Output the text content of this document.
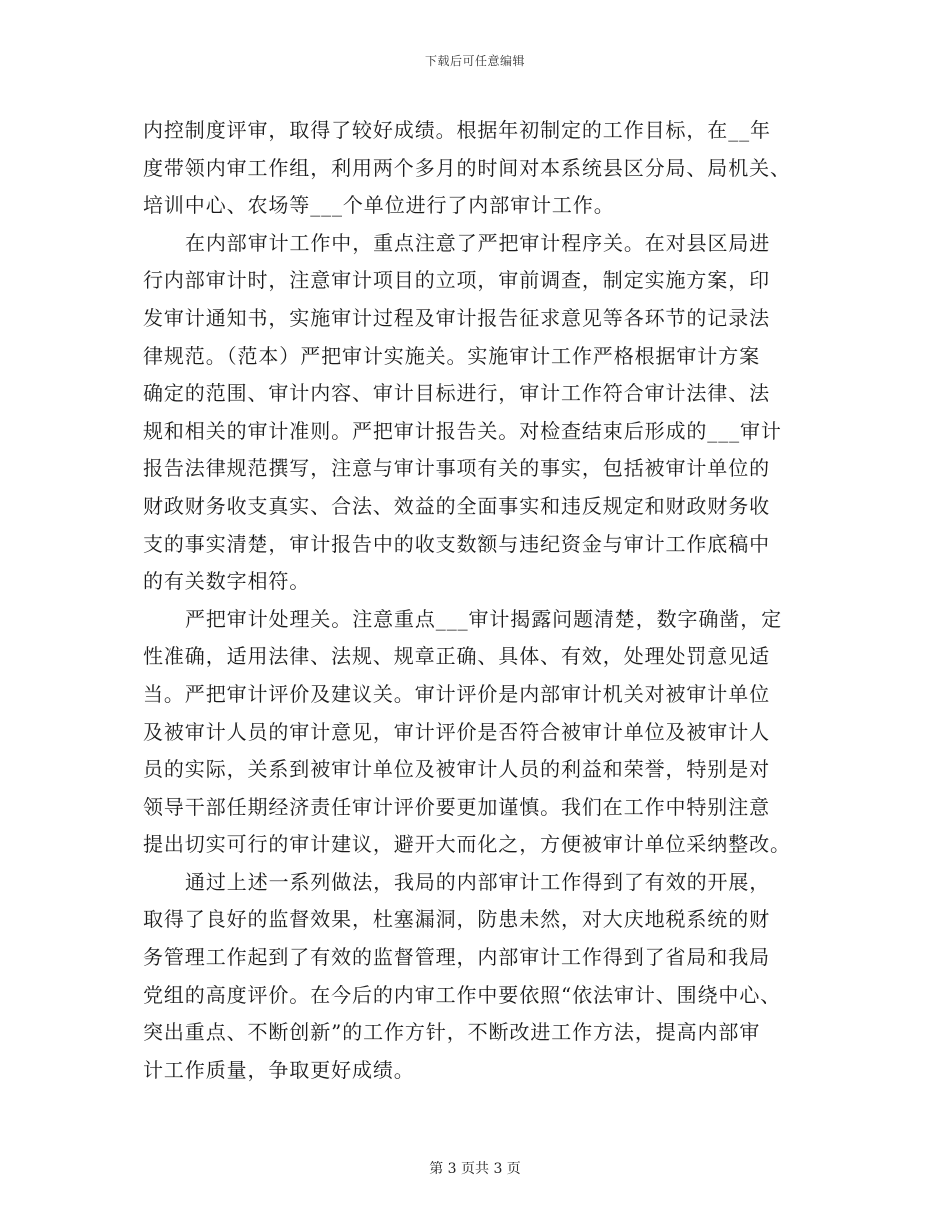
下载后可任意编辑
内控制度评审，取得了较好成绩。根据年初制定的工作目标，在__年
度带领内审工作组，利用两个多月的时间对本系统县区分局、局机关、
培训中心、农场等___个单位进行了内部审计工作。
在内部审计工作中，重点注意了严把审计程序关。在对县区局进
行内部审计时，注意审计项目的立项，审前调查，制定实施方案，印
发审计通知书，实施审计过程及审计报告征求意见等各环节的记录法
律规范。（范本）严把审计实施关。实施审计工作严格根据审计方案
确定的范围、审计内容、审计目标进行，审计工作符合审计法律、法
规和相关的审计准则。严把审计报告关。对检查结束后形成的___审计
报告法律规范撰写，注意与审计事项有关的事实，包括被审计单位的
财政财务收支真实、合法、效益的全面事实和违反规定和财政财务收
支的事实清楚，审计报告中的收支数额与违纪资金与审计工作底稿中
的有关数字相符。
严把审计处理关。注意重点___审计揭露问题清楚，数字确凿，定
性准确，适用法律、法规、规章正确、具体、有效，处理处罚意见适
当。严把审计评价及建议关。审计评价是内部审计机关对被审计单位
及被审计人员的审计意见，审计评价是否符合被审计单位及被审计人
员的实际，关系到被审计单位及被审计人员的利益和荣誉，特别是对
领导干部任期经济责任审计评价要更加谨慎。我们在工作中特别注意
提出切实可行的审计建议，避开大而化之，方便被审计单位采纳整改。
通过上述一系列做法，我局的内部审计工作得到了有效的开展，
取得了良好的监督效果，杜塞漏洞，防患未然，对大庆地税系统的财
务管理工作起到了有效的监督管理，内部审计工作得到了省局和我局
党组的高度评价。在今后的内审工作中要依照“依法审计、围绕中心、
突出重点、不断创新”的工作方针，不断改进工作方法，提高内部审
计工作质量，争取更好成绩。
第 3 页共 3 页
